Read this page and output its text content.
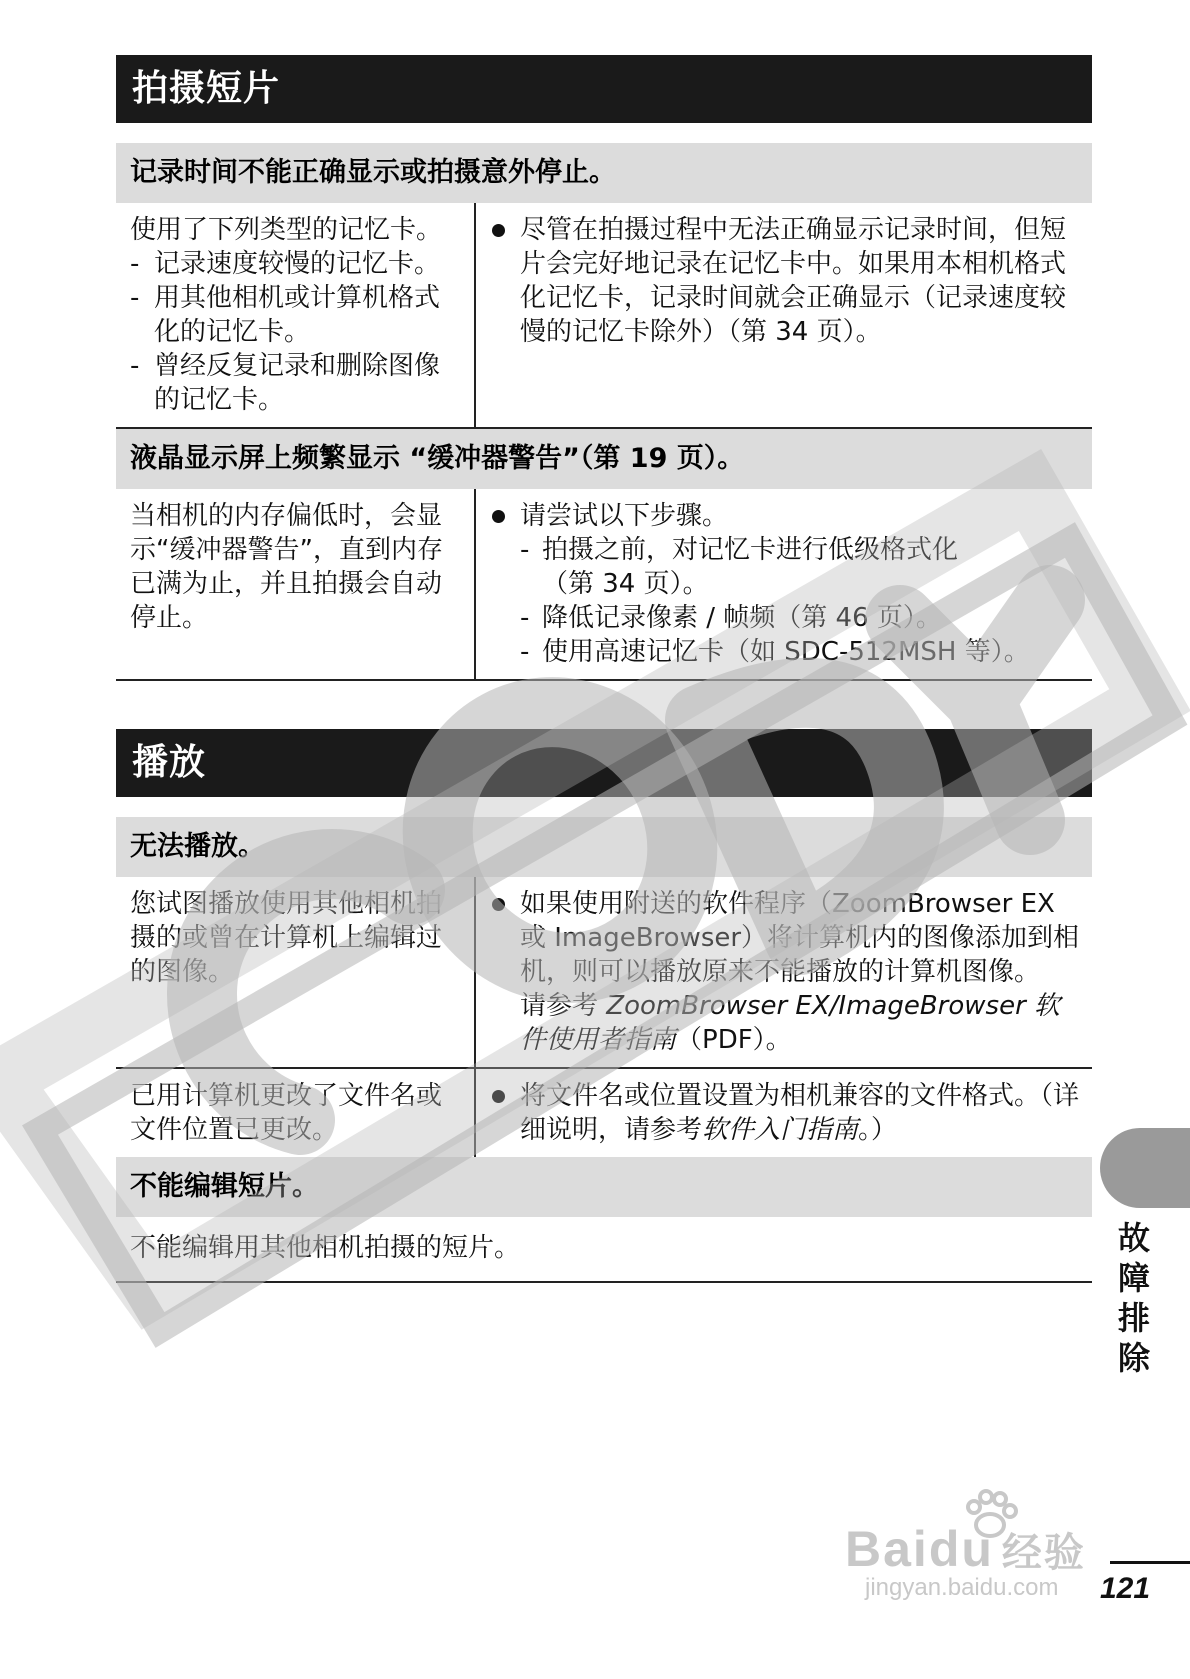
拍摄短片
记录时间不能正确显示或拍摄意外停止。
使用了下列类型的记忆卡。
- 记录速度较慢的记忆卡。
- 用其他相机或计算机格式化的记忆卡。
- 曾经反复记录和删除图像的记忆卡。
尽管在拍摄过程中无法正确显示记录时间，但短片会完好地记录在记忆卡中。如果用本相机格式化记忆卡，记录时间就会正确显示（记录速度较慢的记忆卡除外）（第 34 页）。
液晶显示屏上频繁显示 “缓冲器警告”（第 19 页）。
当相机的内存偏低时，会显示“缓冲器警告”，直到内存已满为止，并且拍摄会自动停止。
请尝试以下步骤。
- 拍摄之前，对记忆卡进行低级格式化
（第 34 页）。
- 降低记录像素 / 帧频（第 46 页）。
- 使用高速记忆卡（如 SDC-512MSH 等）。
播放
无法播放。
您试图播放使用其他相机拍摄的或曾在计算机上编辑过的图像。
如果使用附送的软件程序（ZoomBrowser EX 或 ImageBrowser）将计算机内的图像添加到相机，则可以播放原来不能播放的计算机图像。
请参考 ZoomBrowser EX/ImageBrowser 软件使用者指南（PDF）。
已用计算机更改了文件名或文件位置已更改。
将文件名或位置设置为相机兼容的文件格式。（详细说明，请参考软件入门指南。）
不能编辑短片。
不能编辑用其他相机拍摄的短片。	故
障
排
除
121
Baidu 经验
jingyan.baidu.com
